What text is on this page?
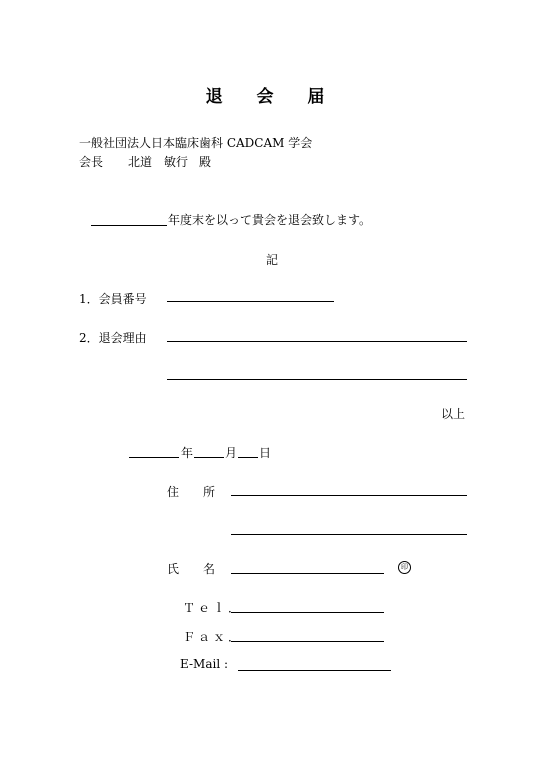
退 会 届
一般社団法人日本臨床歯科 CADCAM 学会
会長 北道　敏行 殿
年度末を以って貴会を退会致します。
記
1．会員番号
2．退会理由
以上
年	月 日
住　　所
氏　　名	印
Ｔｅｌ．
Ｆａｘ．
E-Mail :
